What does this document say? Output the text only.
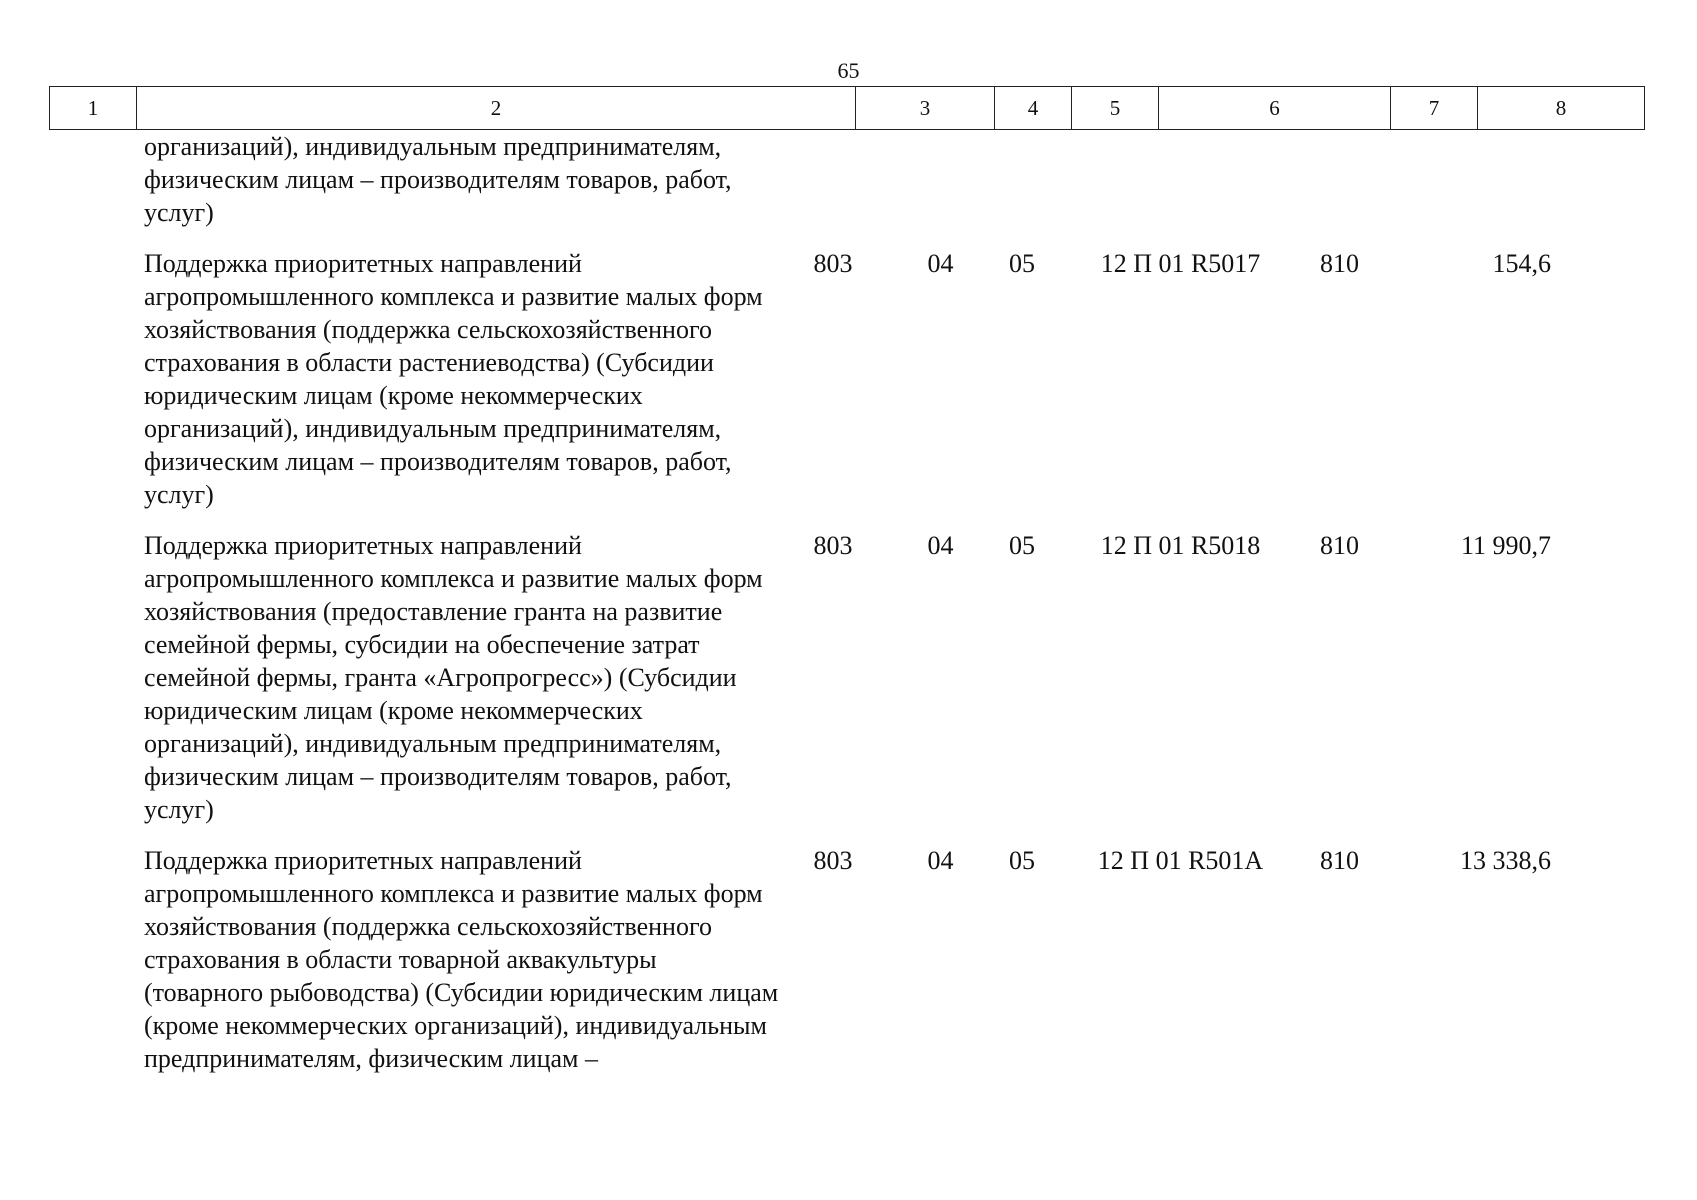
65
1	2	3	4	5	6	7	8
организаций), индивидуальным предпринимателям,
физическим лицам – производителям товаров, работ,
услуг)
Поддержка приоритетных направлений
агропромышленного комплекса и развитие малых форм
хозяйствования (поддержка сельскохозяйственного
страхования в области растениеводства) (Субсидии
юридическим лицам (кроме некоммерческих
организаций), индивидуальным предпринимателям,
физическим лицам – производителям товаров, работ,
услуг)
803	04	05	12 П 01 R5017	810	154,6
Поддержка приоритетных направлений
агропромышленного комплекса и развитие малых форм
хозяйствования (предоставление гранта на развитие
семейной фермы, субсидии на обеспечение затрат
семейной фермы, гранта «Агропрогресс») (Субсидии
юридическим лицам (кроме некоммерческих
организаций), индивидуальным предпринимателям,
физическим лицам – производителям товаров, работ,
услуг)
803	04	05	12 П 01 R5018	810	11 990,7
Поддержка приоритетных направлений
агропромышленного комплекса и развитие малых форм
хозяйствования (поддержка сельскохозяйственного
страхования в области товарной аквакультуры
(товарного рыбоводства) (Субсидии юридическим лицам
(кроме некоммерческих организаций), индивидуальным
предпринимателям, физическим лицам –
803	04	05	12 П 01 R501А	810	13 338,6
